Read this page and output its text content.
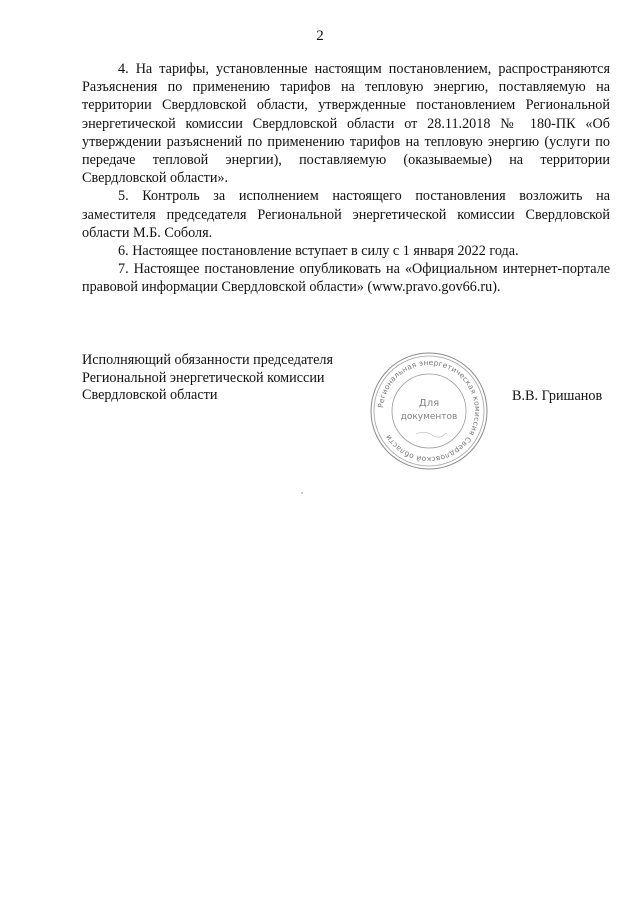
2

4. На тарифы, установленные настоящим постановлением, распространяются Разъяснения по применению тарифов на тепловую энергию, поставляемую на территории Свердловской области, утвержденные постановлением Региональной энергетической комиссии Свердловской области от 28.11.2018 № 180-ПК «Об утверждении разъяснений по применению тарифов на тепловую энергию (услуги по передаче тепловой энергии), поставляемую (оказываемые) на территории Свердловской области».

5. Контроль за исполнением настоящего постановления возложить на заместителя председателя Региональной энергетической комиссии Свердловской области М.Б. Соболя.

6. Настоящее постановление вступает в силу с 1 января 2022 года.

7. Настоящее постановление опубликовать на «Официальном интернет-портале правовой информации Свердловской области» (www.pravo.gov66.ru).

Исполняющий обязанности председателя
Региональной энергетической комиссии
Свердловской области
Региональная энергетическая комиссия Свердловской области
Для
документов
В.В. Гришанов
